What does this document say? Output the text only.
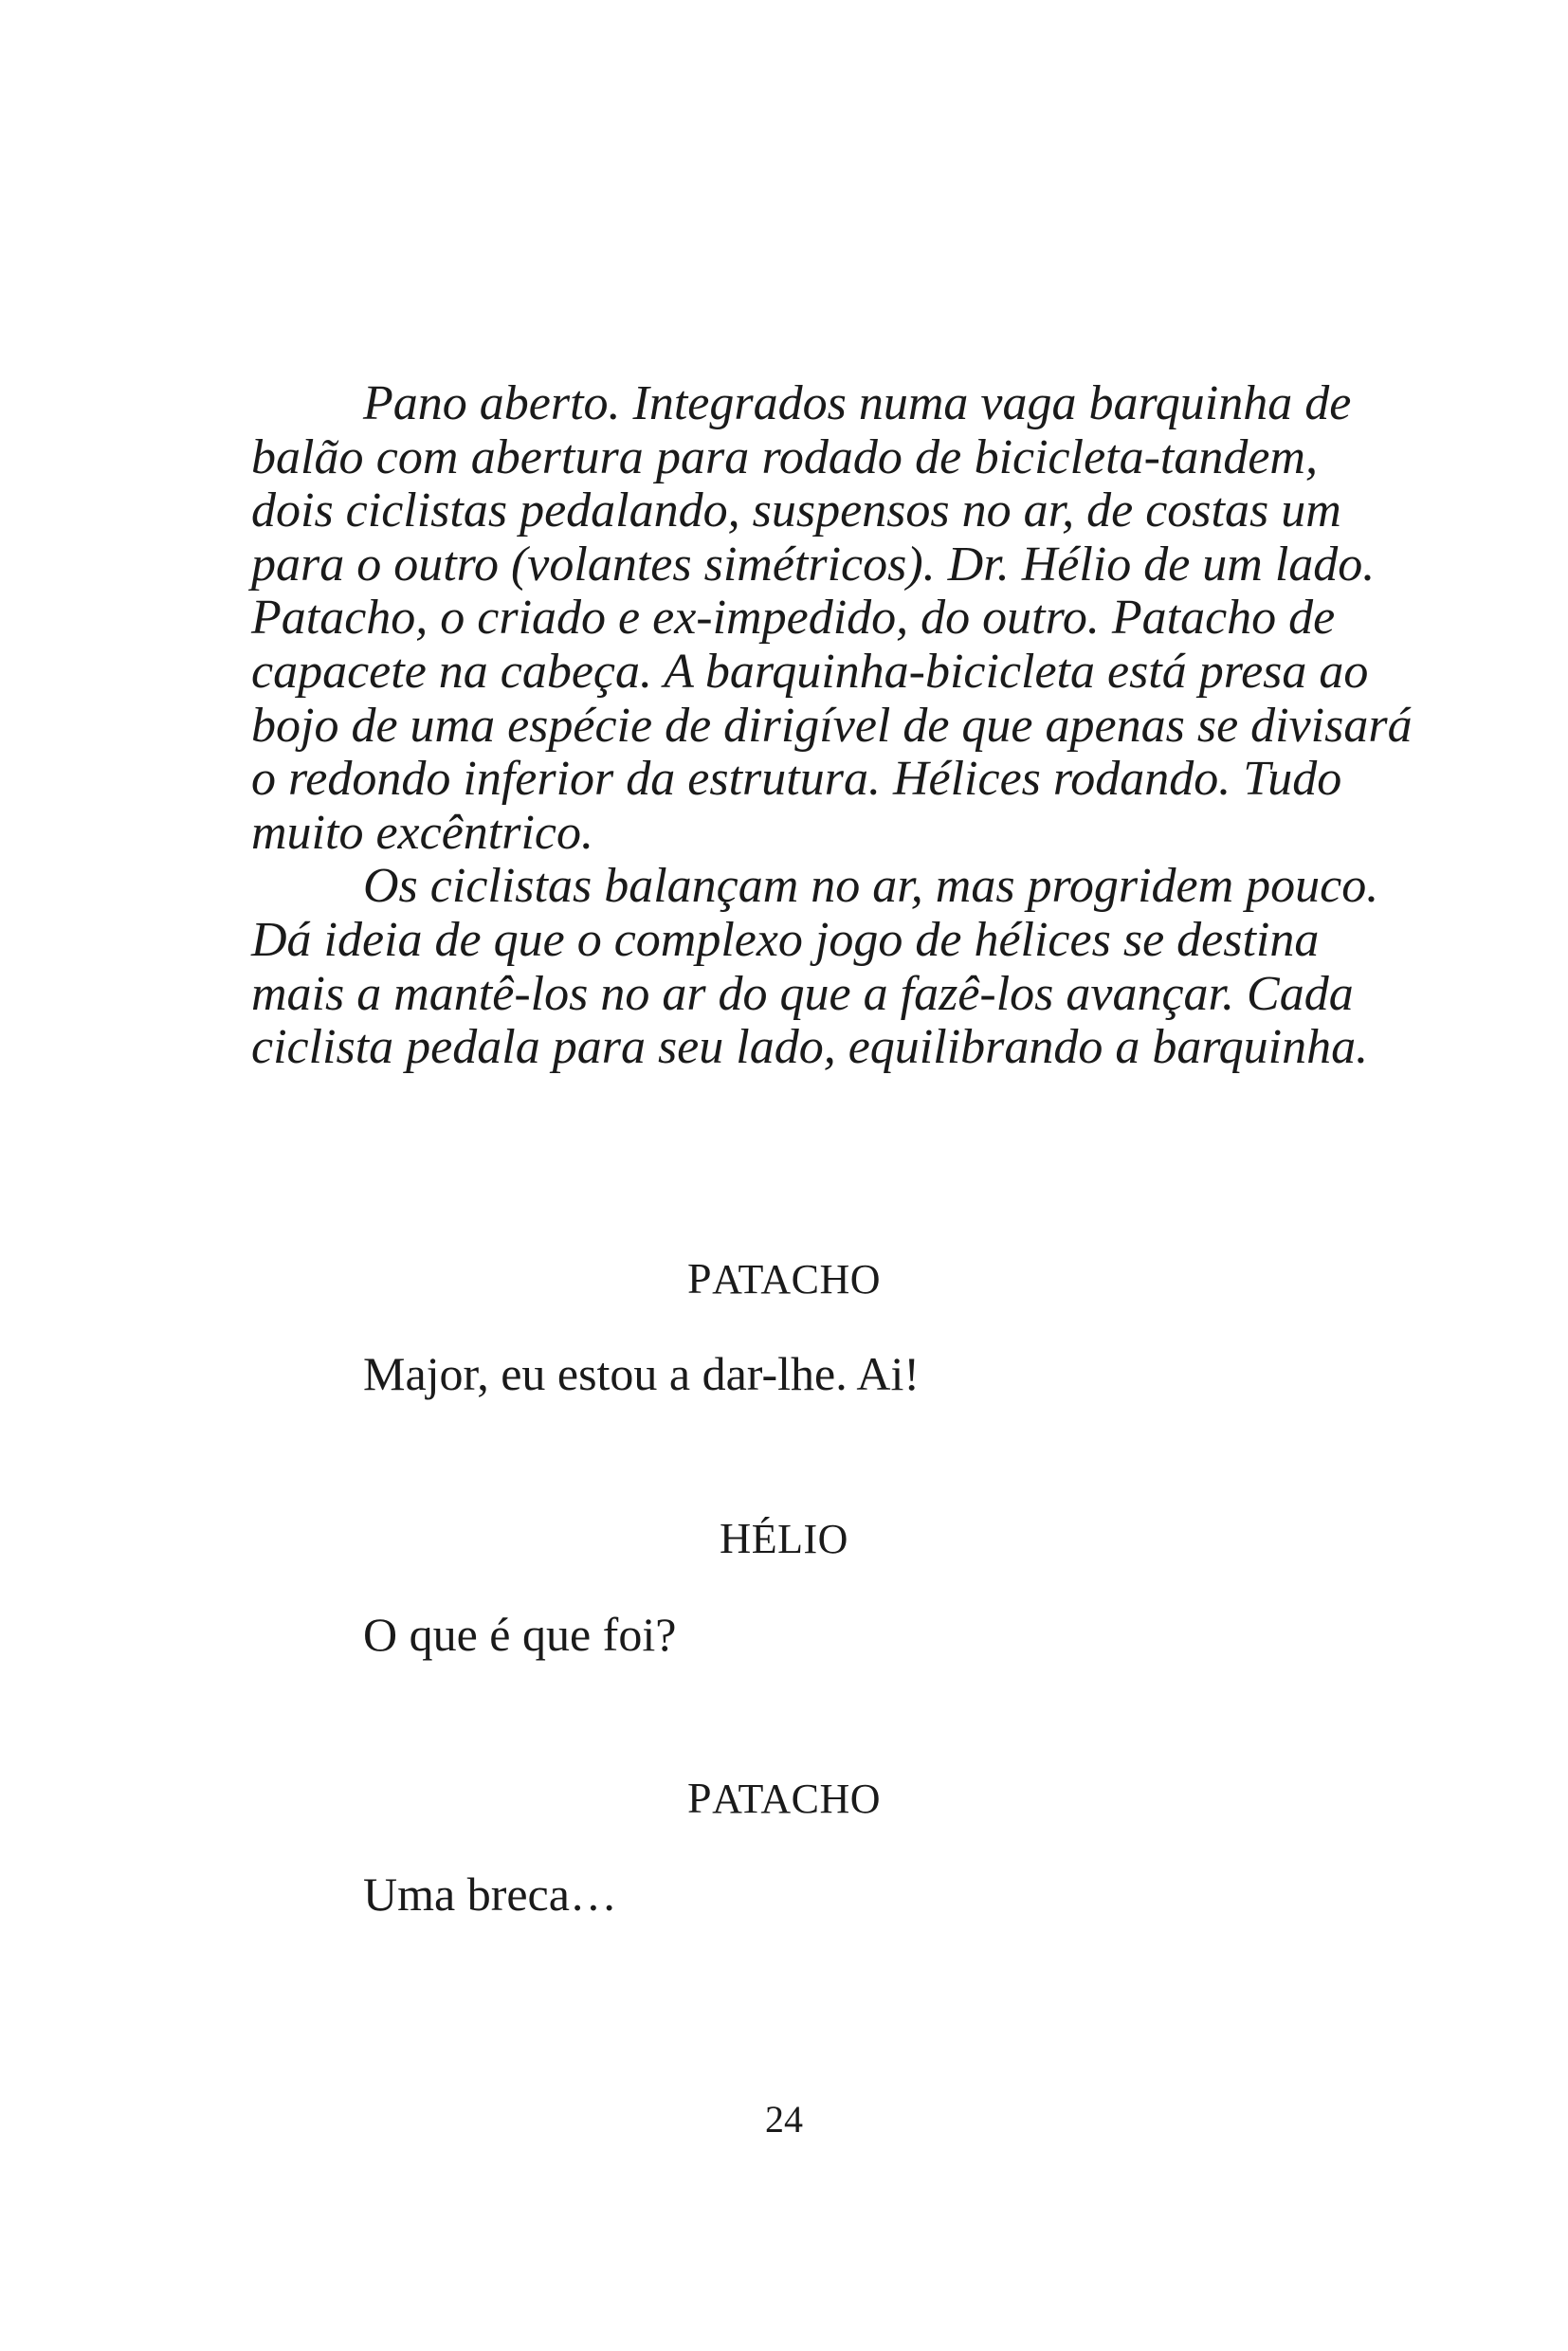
Pano aberto. Integrados numa vaga barquinha de
balão com abertura para rodado de bicicleta-tandem,
dois ciclistas pedalando, suspensos no ar, de costas um
para o outro (volantes simétricos). Dr. Hélio de um lado.
Patacho, o criado e ex-impedido, do outro. Patacho de
capacete na cabeça. A barquinha-bicicleta está presa ao
bojo de uma espécie de dirigível de que apenas se divisará
o redondo inferior da estrutura. Hélices rodando. Tudo
muito excêntrico.
Os ciclistas balançam no ar, mas progridem pouco.
Dá ideia de que o complexo jogo de hélices se destina
mais a mantê-los no ar do que a fazê-los avançar. Cada
ciclista pedala para seu lado, equilibrando a barquinha.
PATACHO
Major, eu estou a dar-lhe. Ai!
HÉLIO
O que é que foi?
PATACHO
Uma breca…
24
